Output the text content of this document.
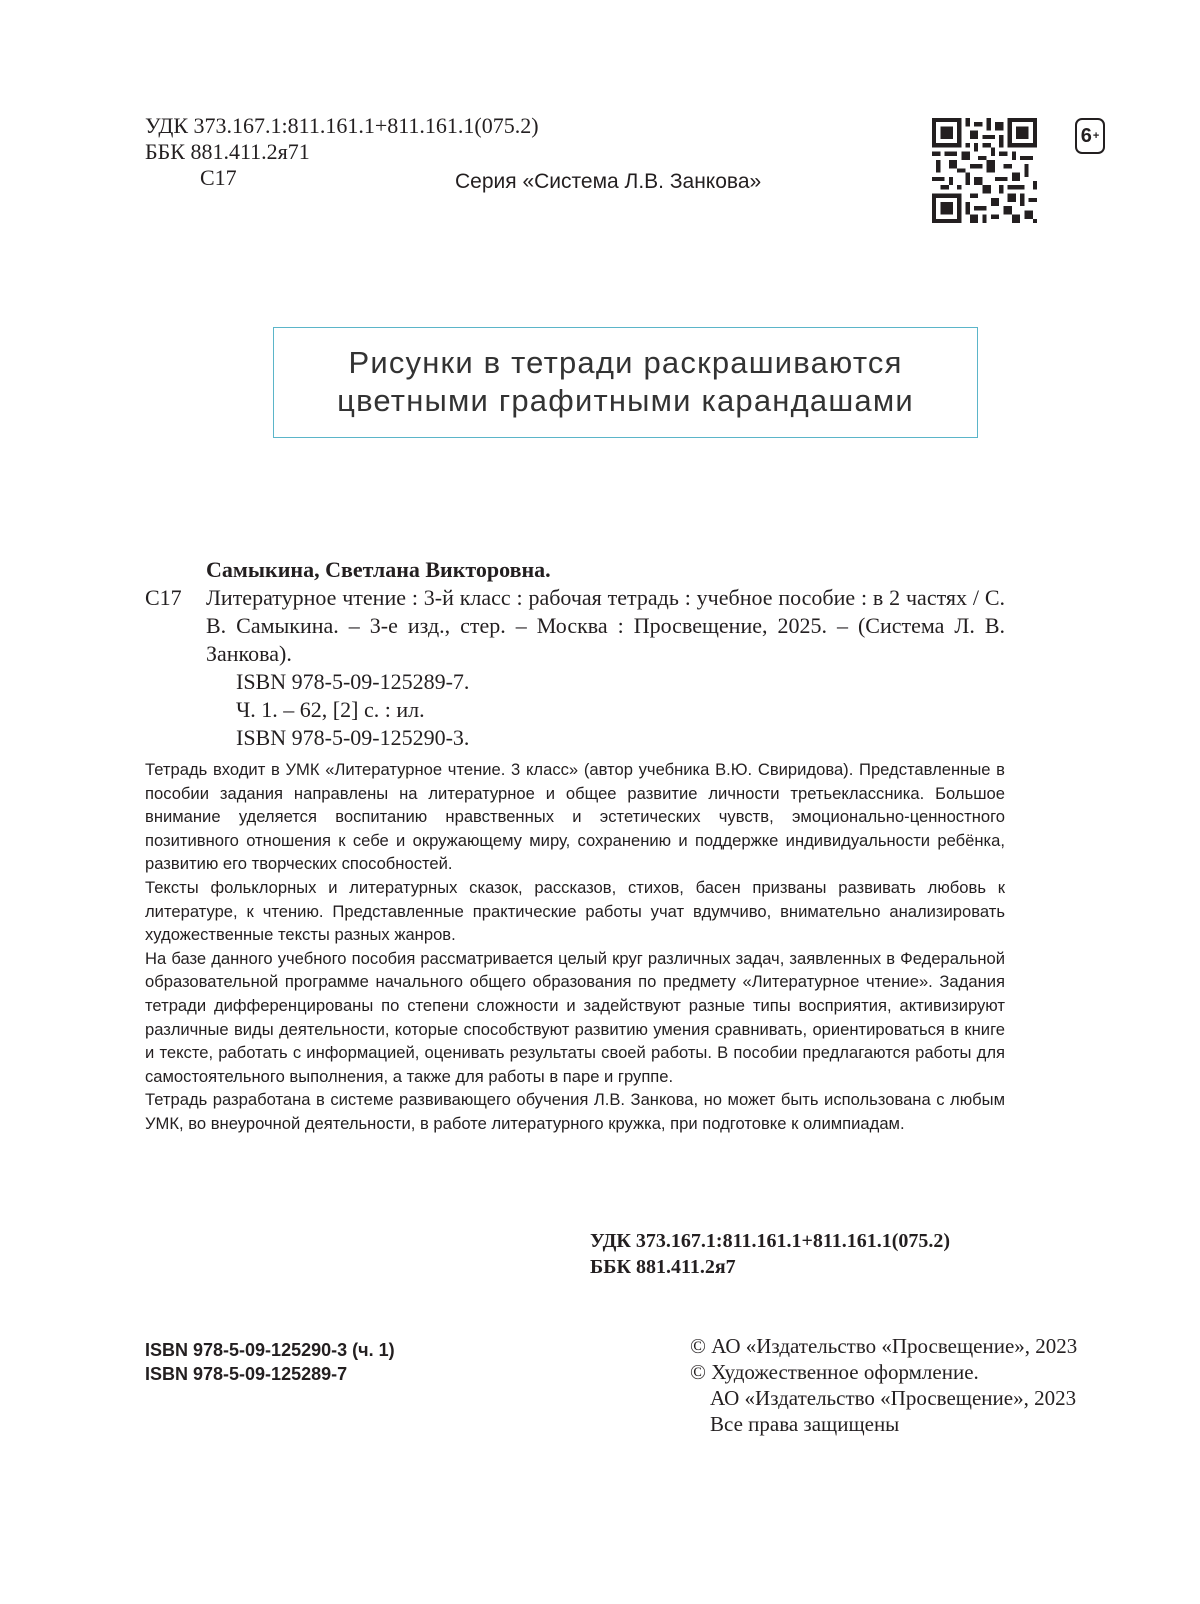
УДК 373.167.1:811.161.1+811.161.1(075.2)
ББК 881.411.2я71
С17	Серия «Система Л.В. Занкова»
6 +
Рисунки в тетради раскрашиваются
цветными графитными карандашами
Самыкина, Светлана Викторовна.
С17	Литературное чтение : 3-й класс : рабочая тетрадь : учебное пособие : в 2 частях / С. В. Самыкина. – 3-е изд., стер. – Москва : Просвещение, 2025. – (Система Л. В. Занкова).
ISBN 978-5-09-125289-7.
Ч. 1. – 62, [2] с. : ил.
ISBN 978-5-09-125290-3.

Тетрадь входит в УМК «Литературное чтение. 3 класс» (автор учебника В.Ю. Свиридова). Представленные в пособии задания направлены на литературное и общее развитие личности третьеклассника. Большое внимание уделяется воспитанию нравственных и эстетических чувств, эмоционально-ценностного позитивного отношения к себе и окружающему миру, сохранению и поддержке индивидуальности ребёнка, развитию его творческих способностей.

Тексты фольклорных и литературных сказок, рассказов, стихов, басен призваны развивать любовь к литературе, к чтению. Представленные практические работы учат вдумчиво, внимательно анализировать художественные тексты разных жанров.

На базе данного учебного пособия рассматривается целый круг различных задач, заявленных в Федеральной образовательной программе начального общего образования по предмету «Литературное чтение». Задания тетради дифференцированы по степени сложности и задействуют разные типы восприятия, активизируют различные виды деятельности, которые способствуют развитию умения сравнивать, ориентироваться в книге и тексте, работать с информацией, оценивать результаты своей работы. В пособии предлагаются работы для самостоятельного выполнения, а также для работы в паре и группе.

Тетрадь разработана в системе развивающего обучения Л.В. Занкова, но может быть использована с любым УМК, во внеурочной деятельности, в работе литературного кружка, при подготовке к олимпиадам.

УДК 373.167.1:811.161.1+811.161.1(075.2)
ББК 881.411.2я7
ISBN 978-5-09-125290-3 (ч. 1)
ISBN 978-5-09-125289-7
© АО «Издательство «Просвещение», 2023
© Художественное оформление.
АО «Издательство «Просвещение», 2023
Все права защищены
